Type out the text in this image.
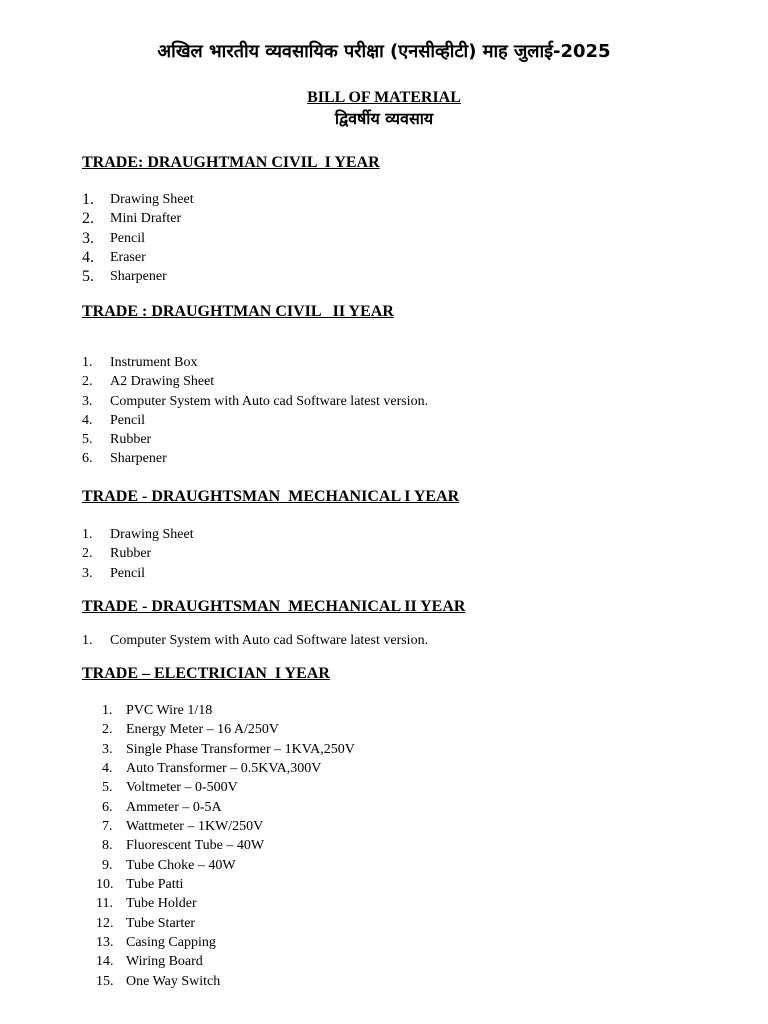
अखिल भारतीय व्यवसायिक परीक्षा (एनसीव्हीटी) माह जुलाई-2025
BILL OF MATERIAL
द्विवर्षीय व्यवसाय
TRADE: DRAUGHTMAN CIVIL  I YEAR
1.	Drawing Sheet
2.	Mini Drafter
3.	Pencil
4.	Eraser
5.	Sharpener
TRADE : DRAUGHTMAN CIVIL   II YEAR
1.	Instrument Box
2.	A2 Drawing Sheet
3.	Computer System with Auto cad Software latest version.
4.	Pencil
5.	Rubber
6.	Sharpener
TRADE - DRAUGHTSMAN  MECHANICAL I YEAR
1.	Drawing Sheet
2.	Rubber
3.	Pencil
TRADE - DRAUGHTSMAN  MECHANICAL II YEAR
1.	Computer System with Auto cad Software latest version.
TRADE – ELECTRICIAN  I YEAR
1. PVC Wire 1/18
2. Energy Meter – 16 A/250V
3. Single Phase Transformer – 1KVA,250V
4. Auto Transformer – 0.5KVA,300V
5. Voltmeter – 0-500V
6. Ammeter – 0-5A
7. Wattmeter – 1KW/250V
8. Fluorescent Tube – 40W
9. Tube Choke – 40W
10. Tube Patti
11. Tube Holder
12. Tube Starter
13. Casing Capping
14. Wiring Board
15. One Way Switch
